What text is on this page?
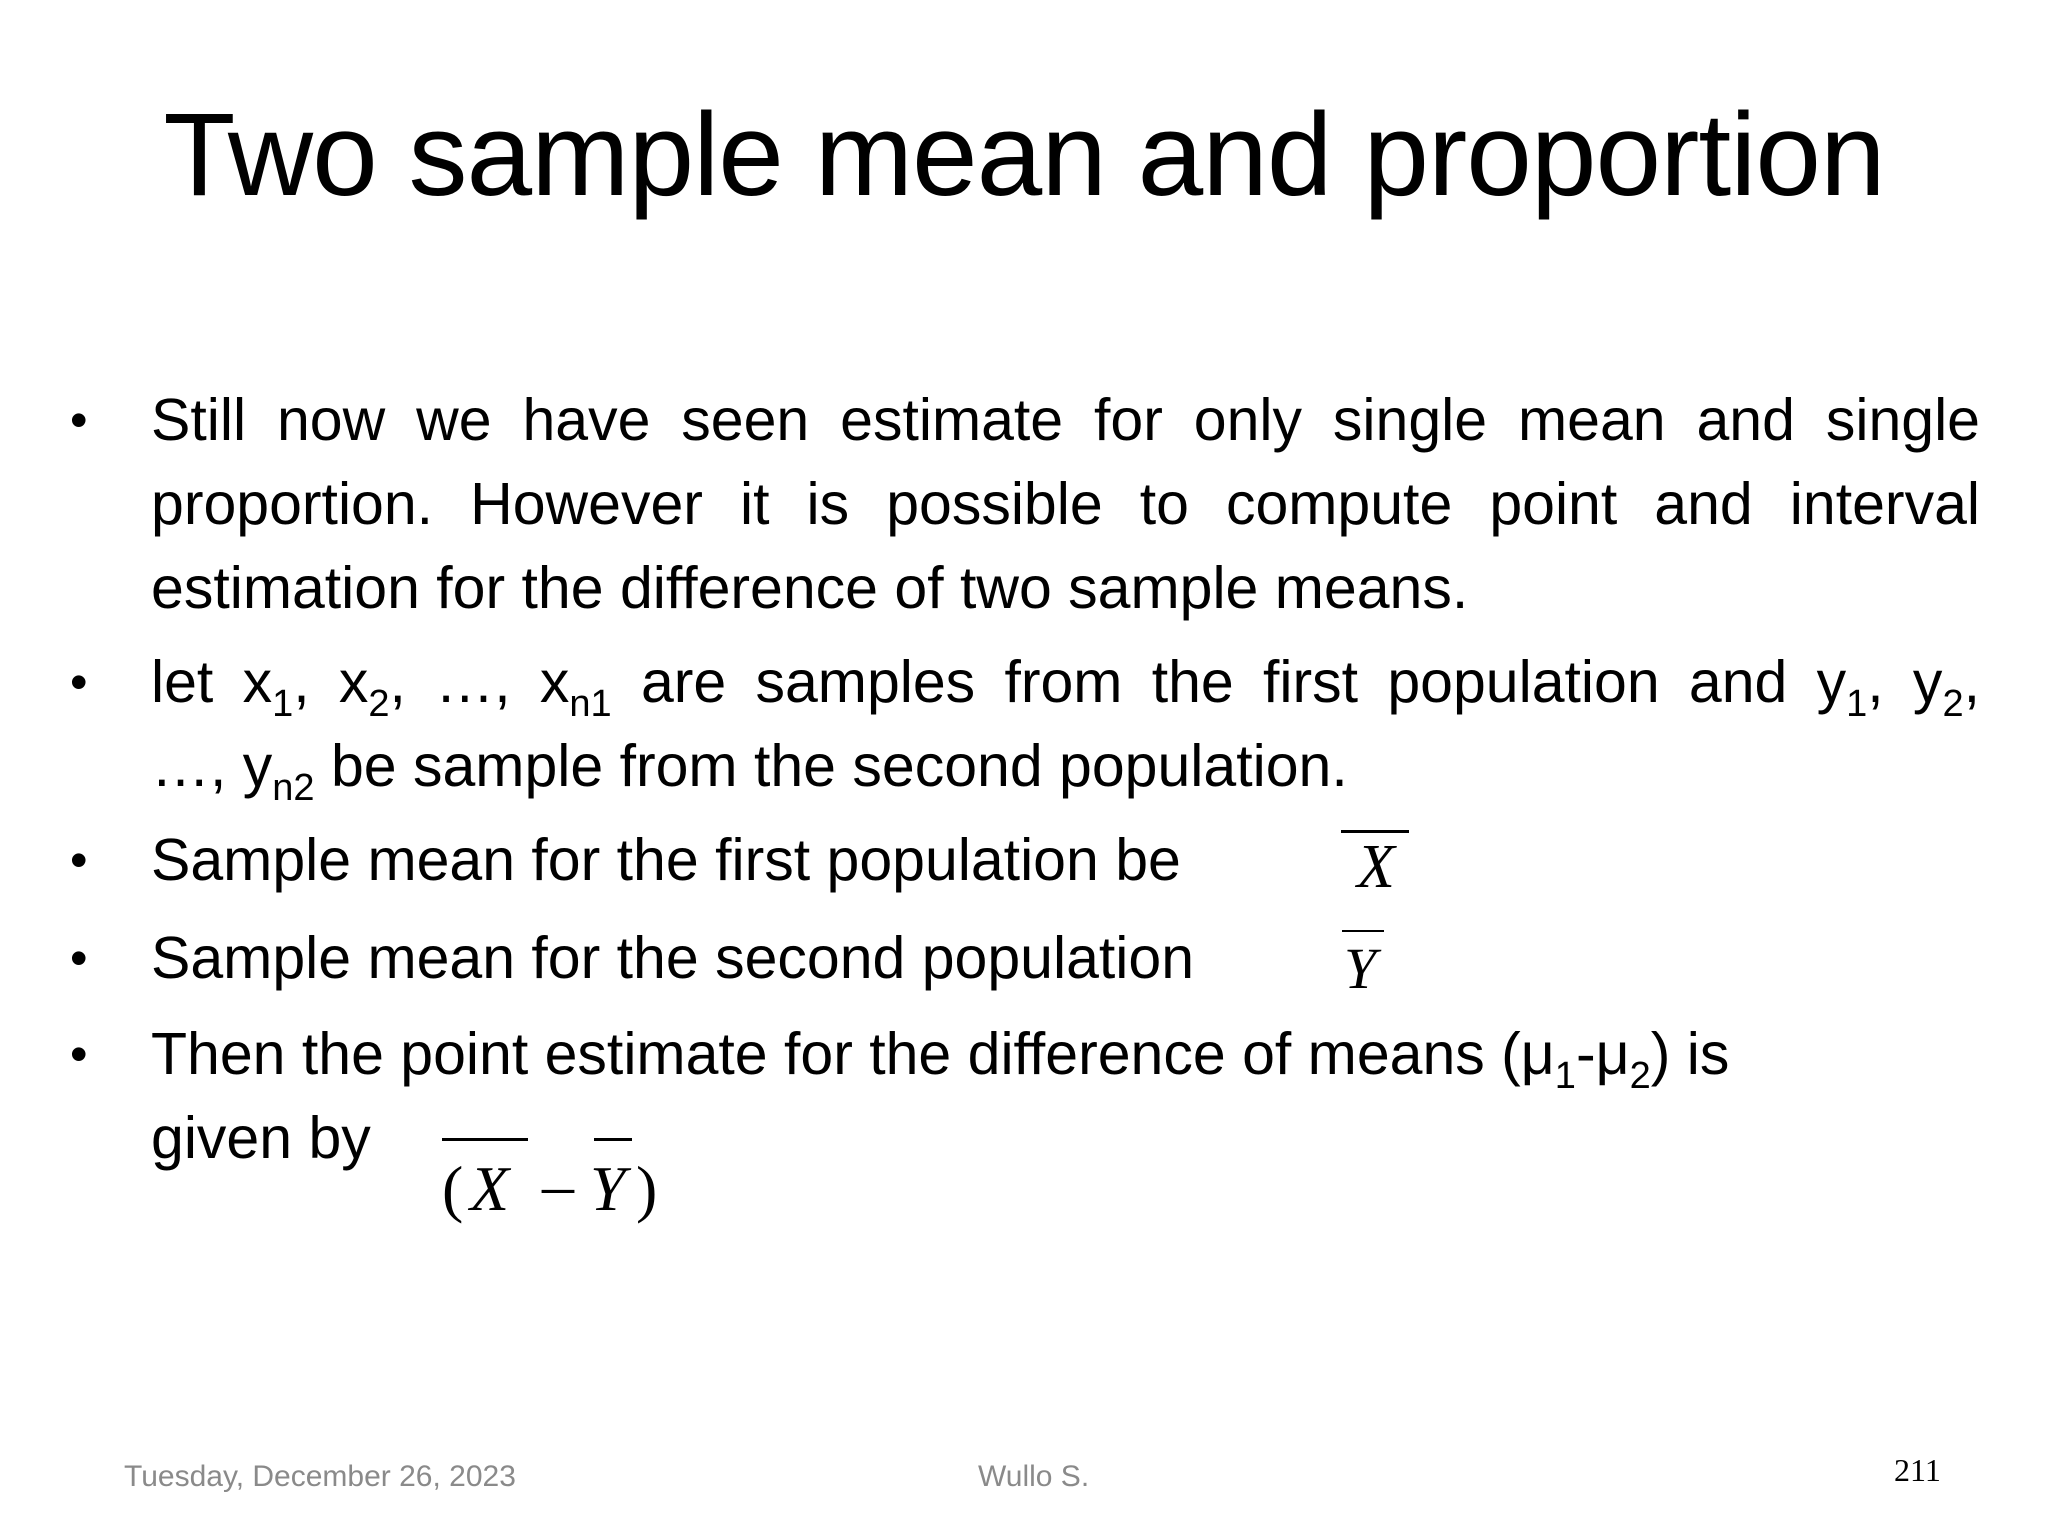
Two sample mean and proportion
•	Still now we have seen estimate for only single mean and single proportion. However it is possible to compute point and interval estimation for the difference of two sample means.
•	let $x_1$, $x_2$, …, $x_{n1}$ are samples from the first population and $y_1$, $y_2$,
…, $y_{n2}$ be sample from the second population.
•	Sample mean for the first population be	X
•	Sample mean for the second population	Y
•	Then the point estimate for the difference of means $(\mu_1-\mu_2)$ is
given by
( X – Y )
Tuesday, December 26, 2023	Wullo S.	211
